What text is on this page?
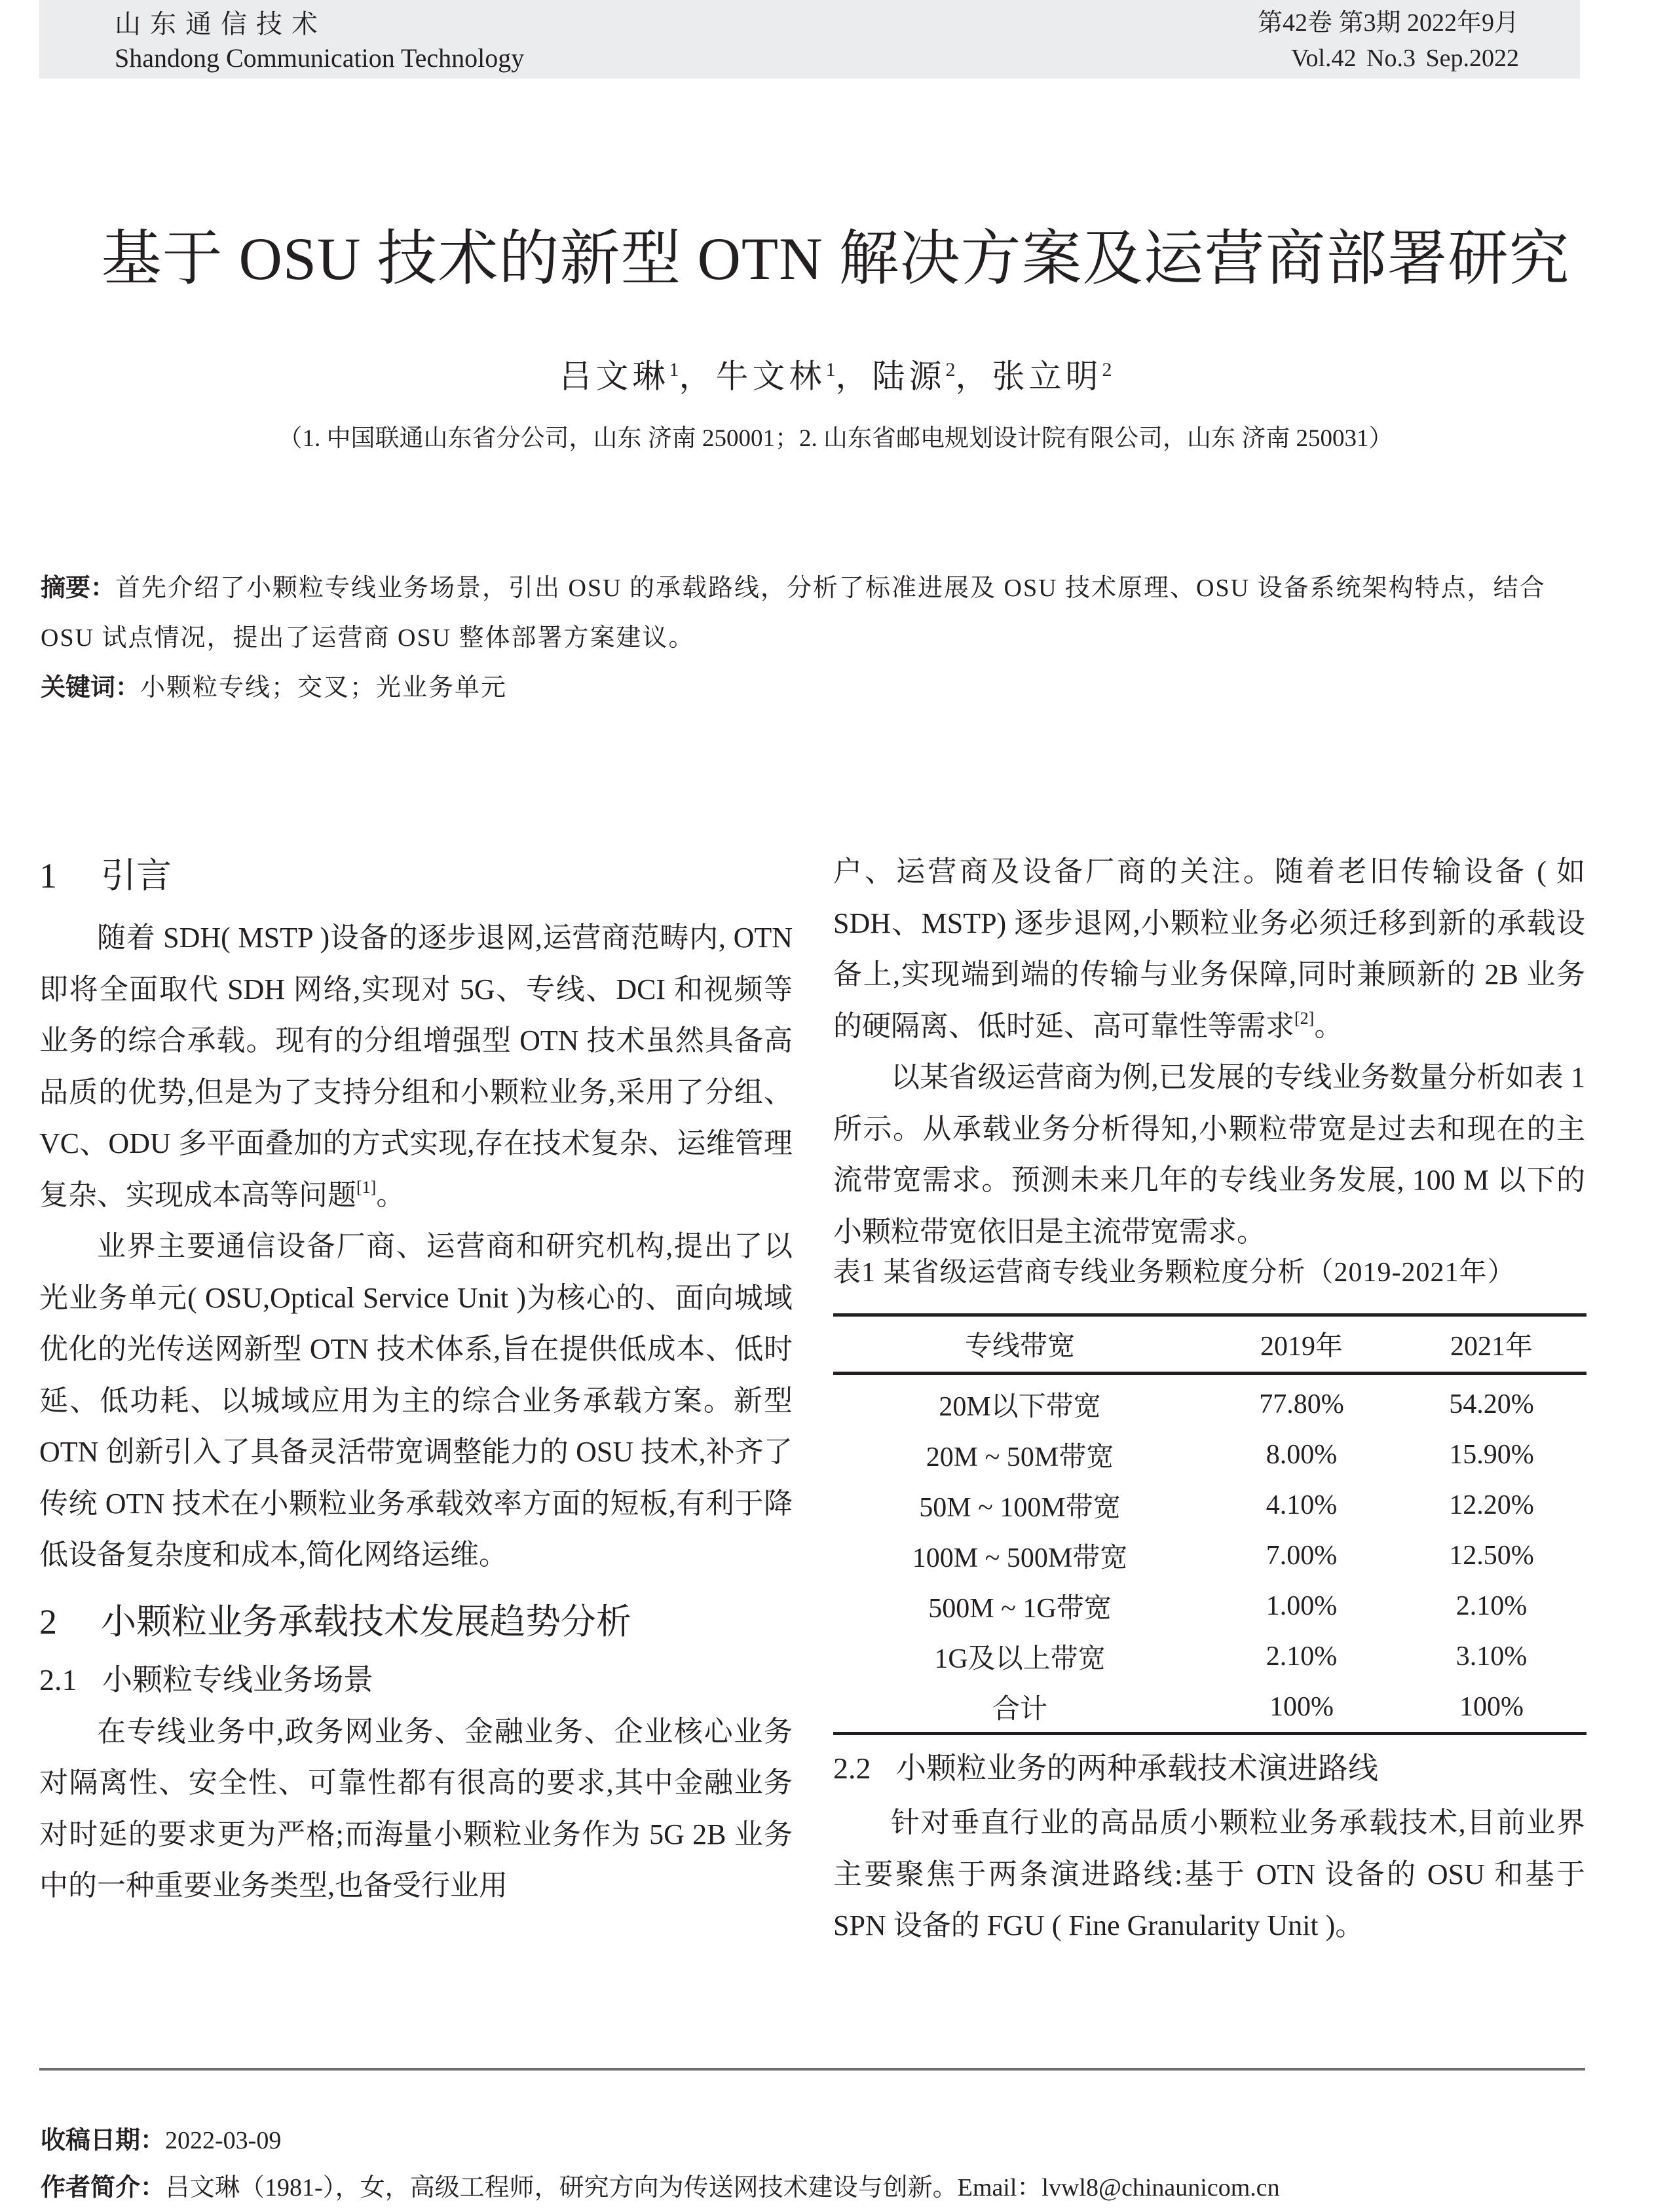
山东通信技术
Shandong Communication Technology
第42卷 第3期 2022年9月
Vol.42 No.3 Sep.2022
基于 OSU 技术的新型 OTN 解决方案及运营商部署研究
吕文琳$^1$，牛文林$^1$，陆源$^2$，张立明$^2$
（1. 中国联通山东省分公司，山东 济南 250001；2. 山东省邮电规划设计院有限公司，山东 济南 250031）

摘要：首先介绍了小颗粒专线业务场景，引出 OSU 的承载路线，分析了标准进展及 OSU 技术原理、OSU 设备系统架构特点，结合 OSU 试点情况，提出了运营商 OSU 整体部署方案建议。

关键词：小颗粒专线；交叉；光业务单元

1 引言

随着 SDH( MSTP )设备的逐步退网,运营商范畴内, OTN 即将全面取代 SDH 网络,实现对 5G、专线、DCI 和视频等业务的综合承载。现有的分组增强型 OTN 技术虽然具备高品质的优势,但是为了支持分组和小颗粒业务,采用了分组、VC、ODU 多平面叠加的方式实现,存在技术复杂、运维管理复杂、实现成本高等问题[1]。

业界主要通信设备厂商、运营商和研究机构,提出了以光业务单元( OSU,Optical Service Unit )为核心的、面向城域优化的光传送网新型 OTN 技术体系,旨在提供低成本、低时延、低功耗、以城域应用为主的综合业务承载方案。新型 OTN 创新引入了具备灵活带宽调整能力的 OSU 技术,补齐了传统 OTN 技术在小颗粒业务承载效率方面的短板,有利于降低设备复杂度和成本,简化网络运维。

2 小颗粒业务承载技术发展趋势分析
2.1 小颗粒专线业务场景

在专线业务中,政务网业务、金融业务、企业核心业务对隔离性、安全性、可靠性都有很高的要求,其中金融业务对时延的要求更为严格;而海量小颗粒业务作为 5G 2B 业务中的一种重要业务类型,也备受行业用

户、运营商及设备厂商的关注。随着老旧传输设备 ( 如 SDH、MSTP) 逐步退网,小颗粒业务必须迁移到新的承载设备上,实现端到端的传输与业务保障,同时兼顾新的 2B 业务的硬隔离、低时延、高可靠性等需求[2]。

以某省级运营商为例,已发展的专线业务数量分析如表 1 所示。从承载业务分析得知,小颗粒带宽是过去和现在的主流带宽需求。预测未来几年的专线业务发展, 100 M 以下的小颗粒带宽依旧是主流带宽需求。

表1 某省级运营商专线业务颗粒度分析（2019-2021年）
专线带宽	2019年	2021年
20M以下带宽	77.80%	54.20%
20M ~ 50M带宽	8.00%	15.90%
50M ~ 100M带宽	4.10%	12.20%
100M ~ 500M带宽	7.00%	12.50%
500M ~ 1G带宽	1.00%	2.10%
1G及以上带宽	2.10%	3.10%
合计	100%	100%
2.2 小颗粒业务的两种承载技术演进路线

针对垂直行业的高品质小颗粒业务承载技术,目前业界主要聚焦于两条演进路线:基于 OTN 设备的 OSU 和基于 SPN 设备的 FGU ( Fine Granularity Unit )。

收稿日期：2022-03-09
作者简介：吕文琳（1981-），女，高级工程师，研究方向为传送网技术建设与创新。Email：lvwl8@chinaunicom.cn
